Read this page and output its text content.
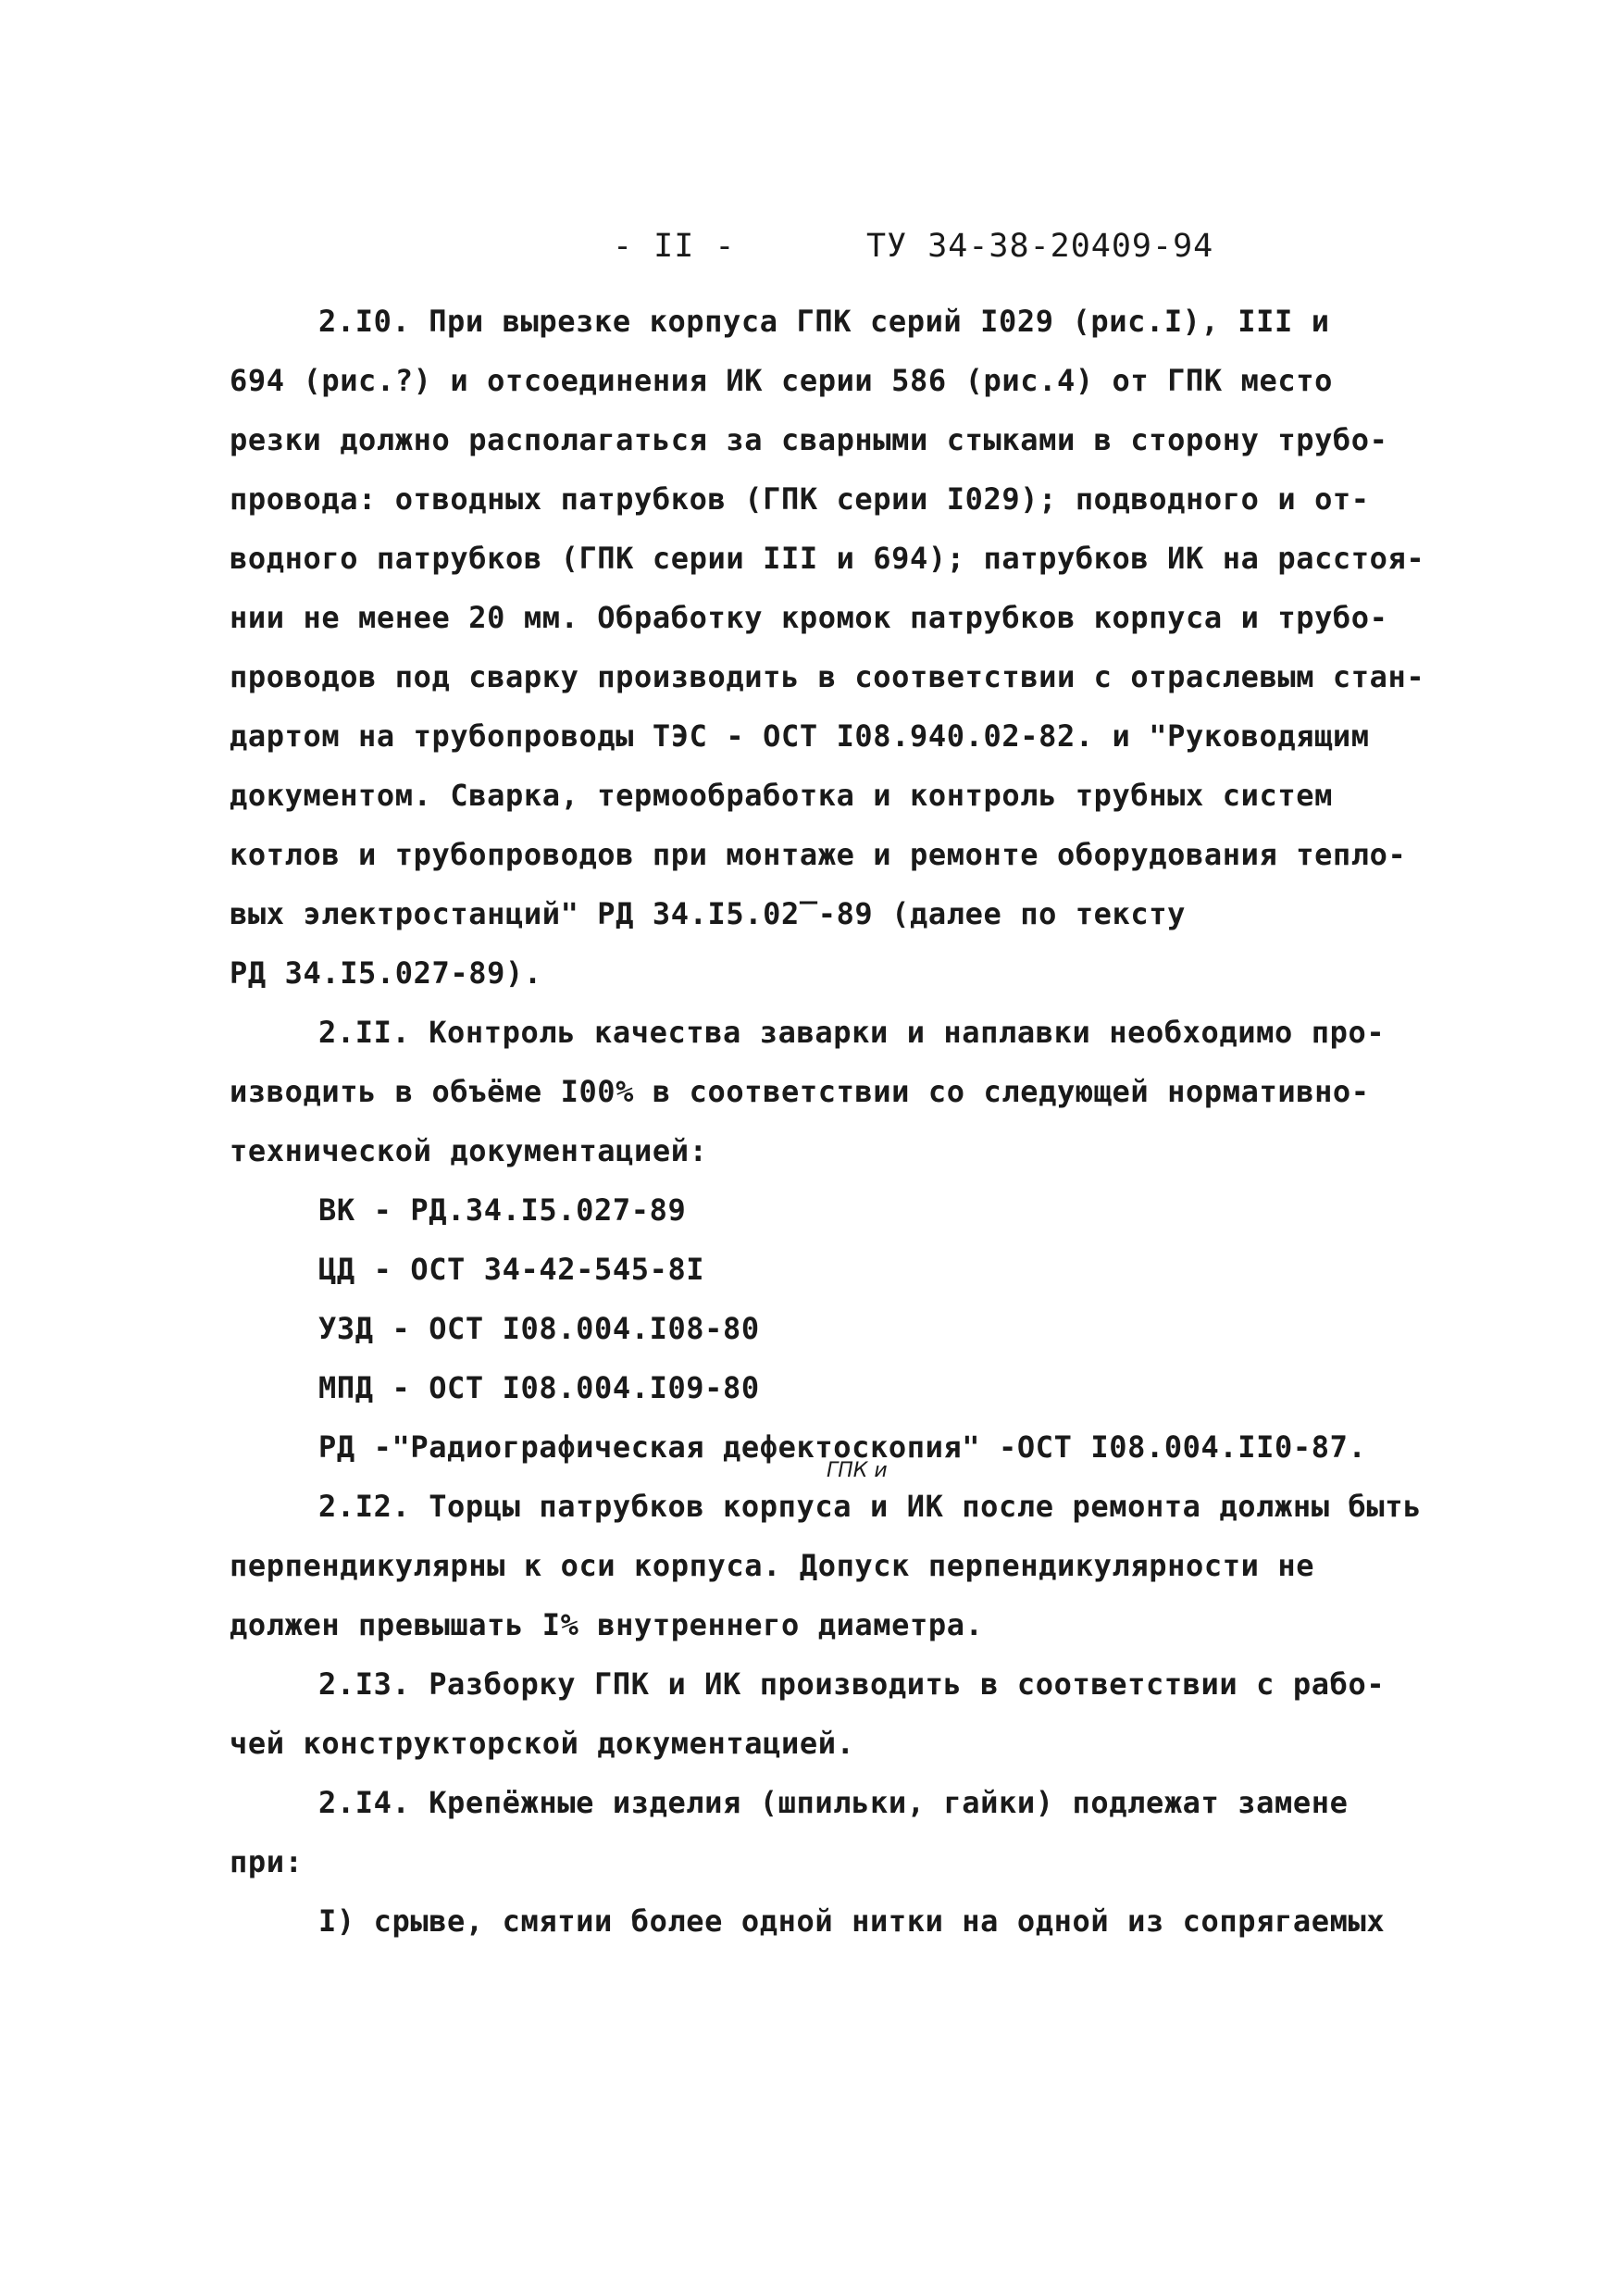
- II -	ТУ 34-38-20409-94
2.I0. При вырезке корпуса ГПК серий I029 (рис.I), III и
694 (рис.?) и отсоединения ИК серии 586 (рис.4) от ГПК место
резки должно располагаться за сварными стыками в сторону трубо-
провода: отводных патрубков (ГПК серии I029); подводного и от-
водного патрубков (ГПК серии III и 694); патрубков ИК на расстоя-
нии не менее 20 мм. Обработку кромок патрубков корпуса и трубо-
проводов под сварку производить в соответствии с отраслевым стан-
дартом на трубопроводы ТЭС - ОСТ I08.940.02-82. и "Руководящим
документом. Сварка, термообработка и контроль трубных систем
котлов и трубопроводов при монтаже и ремонте оборудования тепло-
вых электростанций" РД 34.I5.02‾-89 (далее по тексту
РД 34.I5.027-89).
2.II. Контроль качества заварки и наплавки необходимо про-
изводить в объёме I00% в соответствии со следующей нормативно-
технической документацией:
ВК - РД.34.I5.027-89
ЦД - ОСТ 34-42-545-8I
УЗД - ОСТ I08.004.I08-80
МПД - ОСТ I08.004.I09-80
РД -"Радиографическая дефектоскопия" -ОСТ I08.004.II0-87.
ГПК и
2.I2. Торцы патрубков корпуса и ИК после ремонта должны быть
перпендикулярны к оси корпуса. Допуск перпендикулярности не
должен превышать I% внутреннего диаметра.
2.I3. Разборку ГПК и ИК производить в соответствии с рабо-
чей конструкторской документацией.
2.I4. Крепёжные изделия (шпильки, гайки) подлежат замене
при:
I) срыве, смятии более одной нитки на одной из сопрягаемых
